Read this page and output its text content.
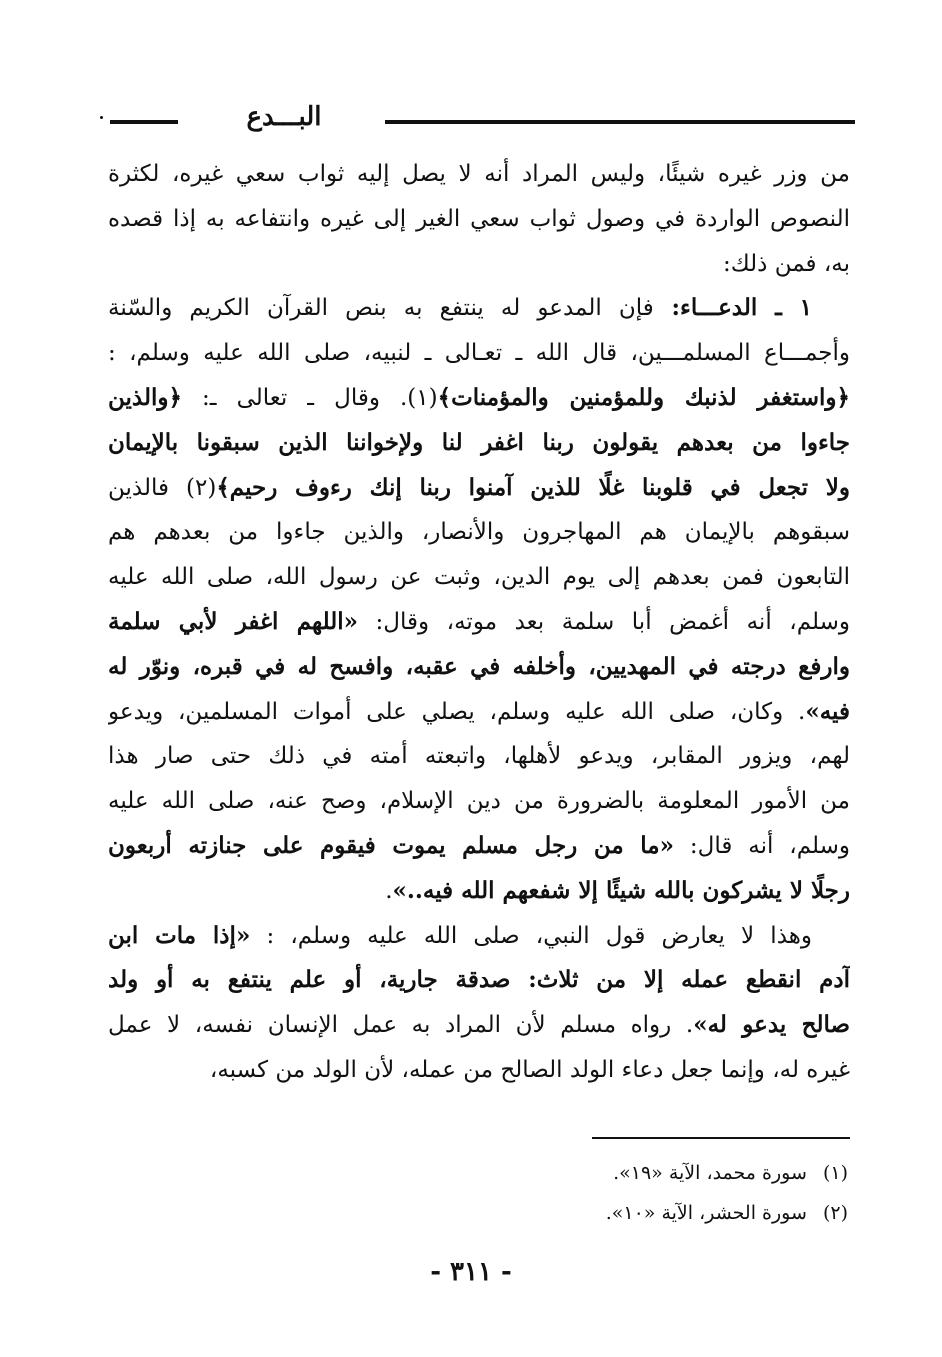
البـــدع
من وزر غيره شيئًا، وليس المراد أنه لا يصل إليه ثواب سعي غيره، لكثرة
النصوص الواردة في وصول ثواب سعي الغير إلى غيره وانتفاعه به إذا قصده
به، فمن ذلك:
١ ـ الدعـــاء: فإن المدعو له ينتفع به بنص القرآن الكريم والسّنة
وأجمـــاع المسلمـــين، قال الله ـ تعـالى ـ لنبيه، صلى الله عليه وسلم، :
﴿واستغفر لذنبك وللمؤمنين والمؤمنات﴾(١). وقال ـ تعالى ـ: ﴿والذين
جاءوا من بعدهم يقولون ربنا اغفر لنا ولإخواننا الذين سبقونا بالإيمان
ولا تجعل في قلوبنا غلًا للذين آمنوا ربنا إنك رءوف رحيم﴾(٢) فالذين
سبقوهم بالإيمان هم المهاجرون والأنصار، والذين جاءوا من بعدهم هم
التابعون فمن بعدهم إلى يوم الدين، وثبت عن رسول الله، صلى الله عليه
وسلم، أنه أغمض أبا سلمة بعد موته، وقال: «اللهم اغفر لأبي سلمة
وارفع درجته في المهديين، وأخلفه في عقبه، وافسح له في قبره، ونوّر له
فيه». وكان، صلى الله عليه وسلم، يصلي على أموات المسلمين، ويدعو
لهم، ويزور المقابر، ويدعو لأهلها، واتبعته أمته في ذلك حتى صار هذا
من الأمور المعلومة بالضرورة من دين الإسلام، وصح عنه، صلى الله عليه
وسلم، أنه قال: «ما من رجل مسلم يموت فيقوم على جنازته أربعون
رجلًا لا يشركون بالله شيئًا إلا شفعهم الله فيه..».
وهذا لا يعارض قول النبي، صلى الله عليه وسلم، : «إذا مات ابن
آدم انقطع عمله إلا من ثلاث: صدقة جارية، أو علم ينتفع به أو ولد
صالح يدعو له». رواه مسلم لأن المراد به عمل الإنسان نفسه، لا عمل
غيره له، وإنما جعل دعاء الولد الصالح من عمله، لأن الولد من كسبه،
(١) سورة محمد، الآية «١٩».
(٢) سورة الحشر، الآية «١٠».
- ٣١١ -
